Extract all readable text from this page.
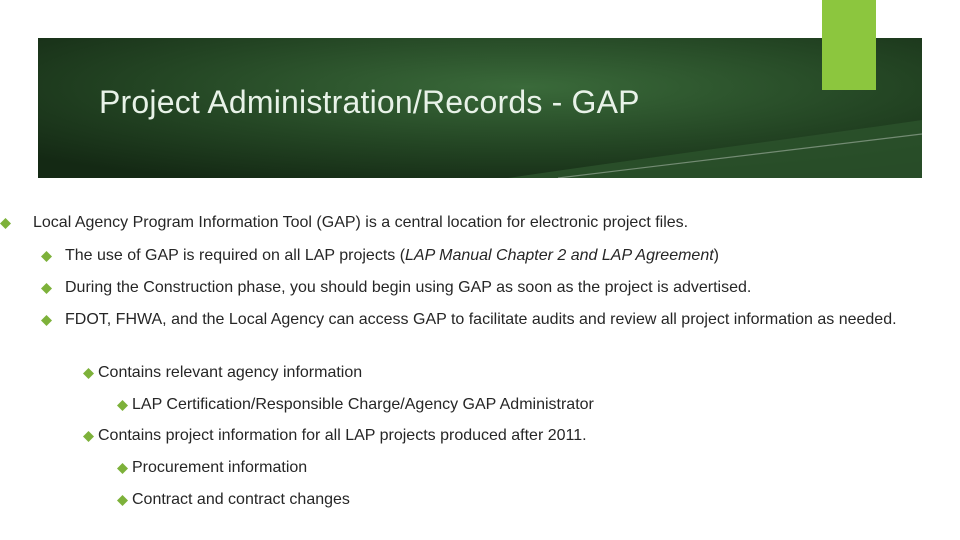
Project Administration/Records - GAP

Local Agency Program Information Tool (GAP) is a central location for electronic project files.

The use of GAP is required on all LAP projects (LAP Manual Chapter 2 and LAP Agreement)

During the Construction phase, you should begin using GAP as soon as the project is advertised.

FDOT, FHWA, and the Local Agency can access GAP to facilitate audits and review all project information as needed.

Contains relevant agency information

LAP Certification/Responsible Charge/Agency GAP Administrator

Contains project information for all LAP projects produced after 2011.

Procurement information

Contract and contract changes
